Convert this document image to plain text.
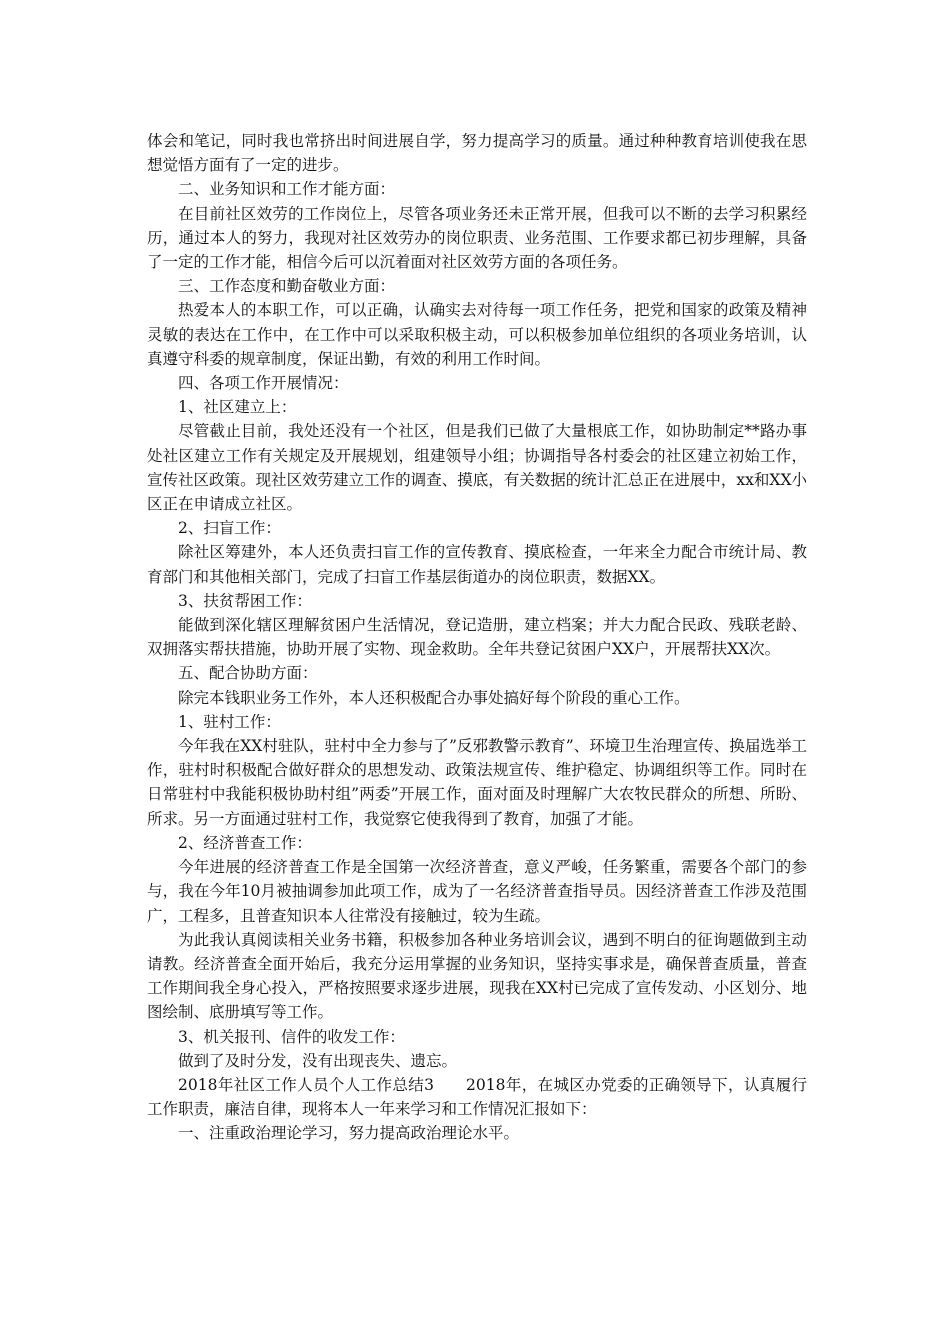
体会和笔记，同时我也常挤出时间进展自学，努力提高学习的质量。通过种种教育培训使我在思想觉悟方面有了一定的进步。

二、业务知识和工作才能方面：

在目前社区效劳的工作岗位上，尽管各项业务还未正常开展，但我可以不断的去学习积累经历，通过本人的努力，我现对社区效劳办的岗位职责、业务范围、工作要求都已初步理解，具备了一定的工作才能，相信今后可以沉着面对社区效劳方面的各项任务。

三、工作态度和勤奋敬业方面：

热爱本人的本职工作，可以正确，认确实去对待每一项工作任务，把党和国家的政策及精神灵敏的表达在工作中，在工作中可以采取积极主动，可以积极参加单位组织的各项业务培训，认真遵守科委的规章制度，保证出勤，有效的利用工作时间。

四、各项工作开展情况：

1、社区建立上：

尽管截止目前，我处还没有一个社区，但是我们已做了大量根底工作，如协助制定**路办事处社区建立工作有关规定及开展规划，组建领导小组；协调指导各村委会的社区建立初始工作，宣传社区政策。现社区效劳建立工作的调查、摸底，有关数据的统计汇总正在进展中，xx和XX小区正在申请成立社区。

2、扫盲工作：

除社区筹建外，本人还负责扫盲工作的宣传教育、摸底检查，一年来全力配合市统计局、教育部门和其他相关部门，完成了扫盲工作基层街道办的岗位职责，数据XX。

3、扶贫帮困工作：

能做到深化辖区理解贫困户生活情况，登记造册，建立档案；并大力配合民政、残联老龄、双拥落实帮扶措施，协助开展了实物、现金救助。全年共登记贫困户XX户，开展帮扶XX次。

五、配合协助方面：

除完本钱职业务工作外，本人还积极配合办事处搞好每个阶段的重心工作。

1、驻村工作：

今年我在XX村驻队，驻村中全力参与了”反邪教警示教育”、环境卫生治理宣传、换届选举工作，驻村时积极配合做好群众的思想发动、政策法规宣传、维护稳定、协调组织等工作。同时在日常驻村中我能积极协助村组”两委”开展工作，面对面及时理解广大农牧民群众的所想、所盼、所求。另一方面通过驻村工作，我觉察它使我得到了教育，加强了才能。

2、经济普查工作：

今年进展的经济普查工作是全国第一次经济普查，意义严峻，任务繁重，需要各个部门的参与，我在今年10月被抽调参加此项工作，成为了一名经济普查指导员。因经济普查工作涉及范围广，工程多，且普查知识本人往常没有接触过，较为生疏。

为此我认真阅读相关业务书籍，积极参加各种业务培训会议，遇到不明白的征询题做到主动请教。经济普查全面开始后，我充分运用掌握的业务知识，坚持实事求是，确保普查质量，普查工作期间我全身心投入，严格按照要求逐步进展，现我在XX村已完成了宣传发动、小区划分、地图绘制、底册填写等工作。

3、机关报刊、信件的收发工作：

做到了及时分发，没有出现丧失、遗忘。

2018年社区工作人员个人工作总结3　　2018年，在城区办党委的正确领导下，认真履行工作职责，廉洁自律，现将本人一年来学习和工作情况汇报如下：

一、注重政治理论学习，努力提高政治理论水平。
